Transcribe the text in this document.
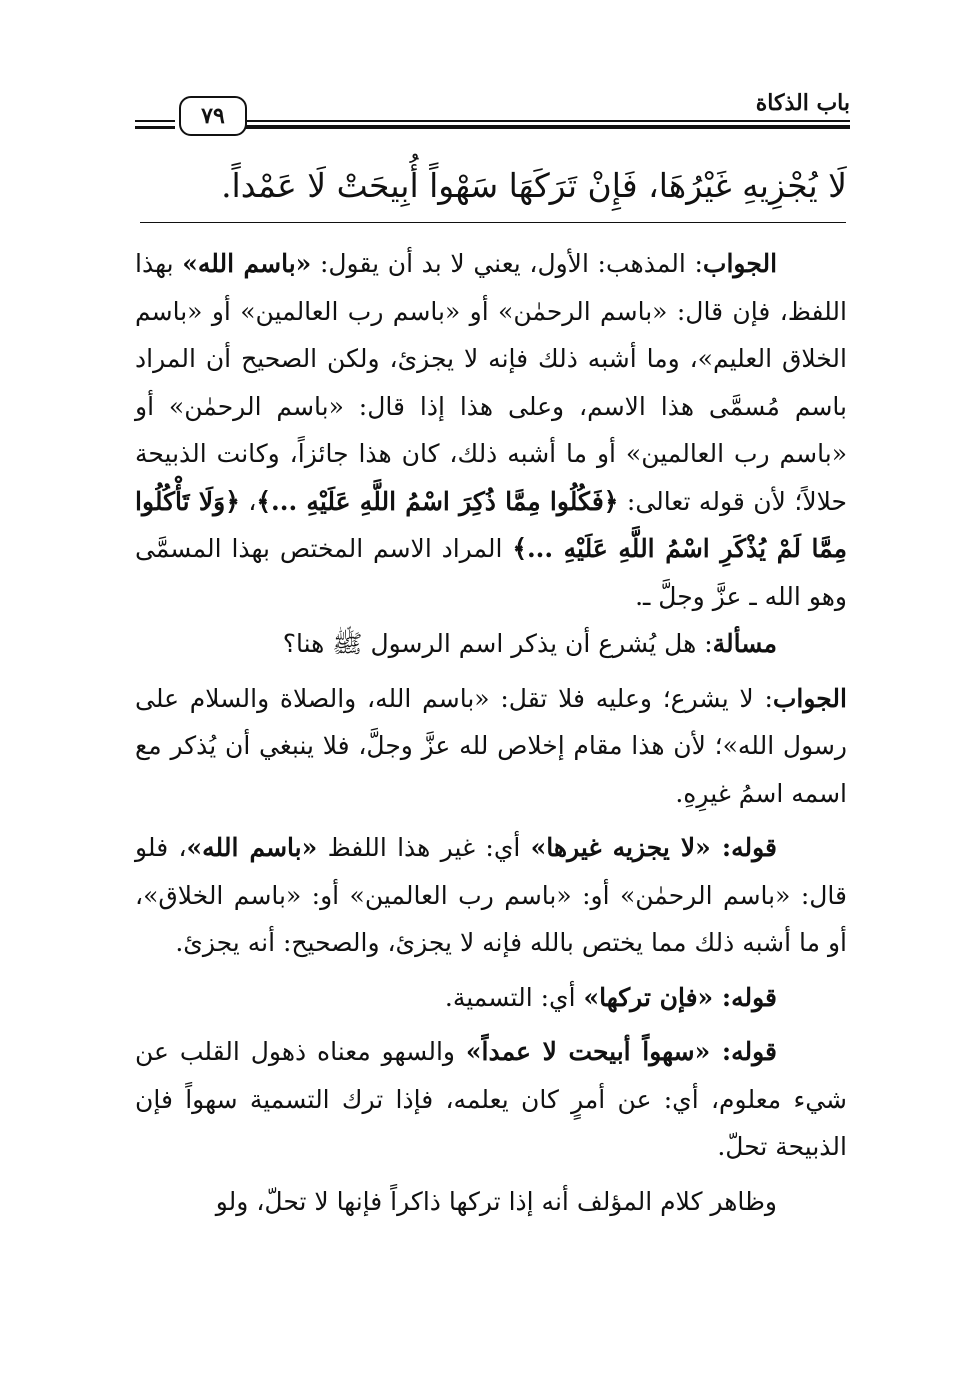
باب الذكاة
٧٩
لَا يُجْزِيهِ غَيْرُهَا، فَإِنْ تَرَكَهَا سَهْواً أُبِيحَتْ لَا عَمْداً.

الجواب: المذهب: الأول، يعني لا بد أن يقول: «باسم الله» بهذا اللفظ، فإن قال: «باسم الرحمٰن» أو «باسم رب العالمين» أو «باسم الخلاق العليم»، وما أشبه ذلك فإنه لا يجزئ، ولكن الصحيح أن المراد باسم مُسمَّى هذا الاسم، وعلى هذا إذا قال: «باسم الرحمٰن» أو «باسم رب العالمين» أو ما أشبه ذلك، كان هذا جائزاً، وكانت الذبيحة حلالاً؛ لأن قوله تعالى: ﴿فَكُلُوا مِمَّا ذُكِرَ اسْمُ اللَّهِ عَلَيْهِ ...﴾، ﴿وَلَا تَأْكُلُوا مِمَّا لَمْ يُذْكَرِ اسْمُ اللَّهِ عَلَيْهِ ...﴾ المراد الاسم المختص بهذا المسمَّى وهو الله ـ عزَّ وجلَّ ـ.

مسألة: هل يُشرع أن يذكر اسم الرسول ﷺ هنا؟

الجواب: لا يشرع؛ وعليه فلا تقل: «باسم الله، والصلاة والسلام على رسول الله»؛ لأن هذا مقام إخلاص لله عزَّ وجلَّ، فلا ينبغي أن يُذكر مع اسمه اسمُ غيرِهِ.

قوله: «لا يجزيه غيرها» أي: غير هذا اللفظ «باسم الله»، فلو قال: «باسم الرحمٰن» أو: «باسم رب العالمين» أو: «باسم الخلاق»، أو ما أشبه ذلك مما يختص بالله فإنه لا يجزئ، والصحيح: أنه يجزئ.

قوله: «فإن تركها» أي: التسمية.

قوله: «سهواً أبيحت لا عمداً» والسهو معناه ذهول القلب عن شيء معلوم، أي: عن أمرٍ كان يعلمه، فإذا ترك التسمية سهواً فإن الذبيحة تحلّ.

وظاهر كلام المؤلف أنه إذا تركها ذاكراً فإنها لا تحلّ، ولو
